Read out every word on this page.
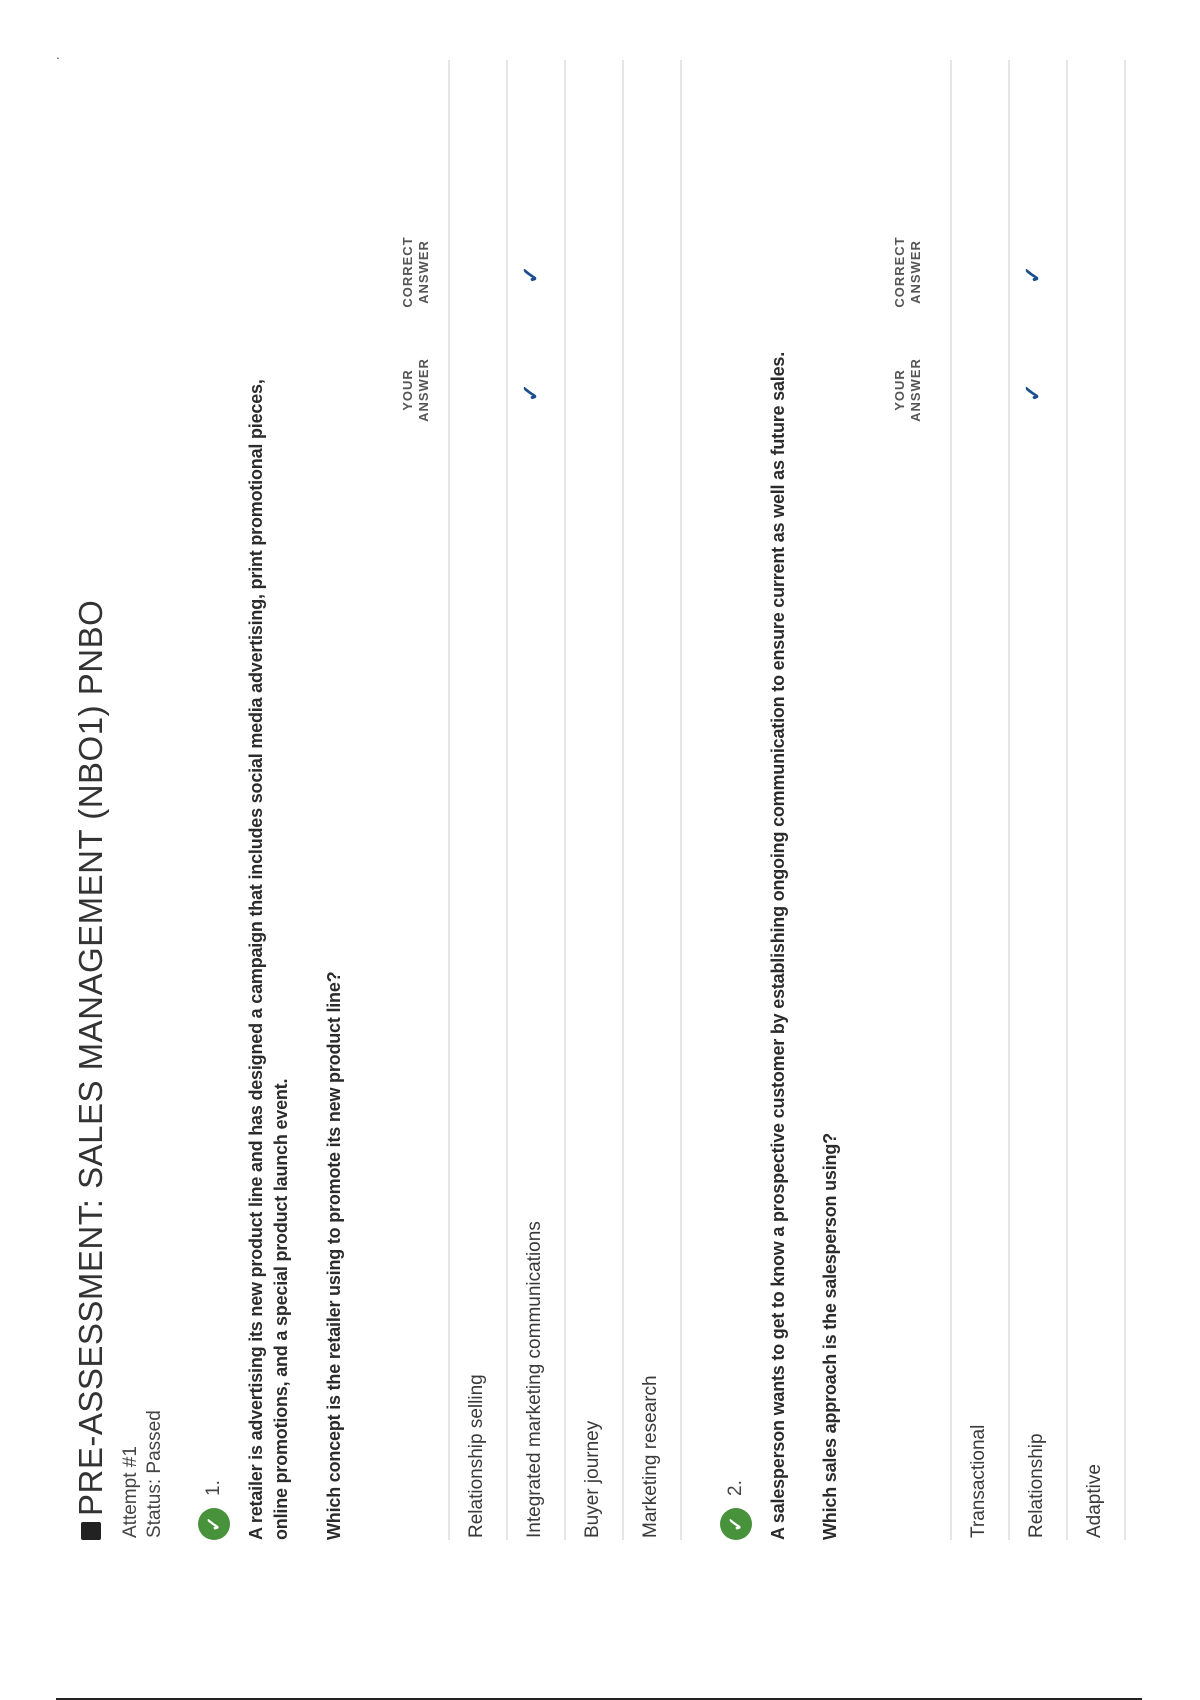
.
PRE-ASSESSMENT: SALES MANAGEMENT (NBO1) PNBO Attempt #1 Status: Passed ✓
1. A retailer is advertising its new product line and has designed a campaign that includes social media advertising, print promotional pieces, online promotions, and a special product launch event. Which concept is the retailer using to promote its new product line?
YOUR ANSWER
CORRECT ANSWER
Relationship selling Integrated marketing communications
✓
✓
Buyer journey Marketing research	✓
2. A salesperson wants to get to know a prospective customer by establishing ongoing communication to ensure current as well as future sales. Which sales approach is the salesperson using?
YOUR ANSWER
CORRECT ANSWER
Transactional Relationship
✓
✓
Adaptive
